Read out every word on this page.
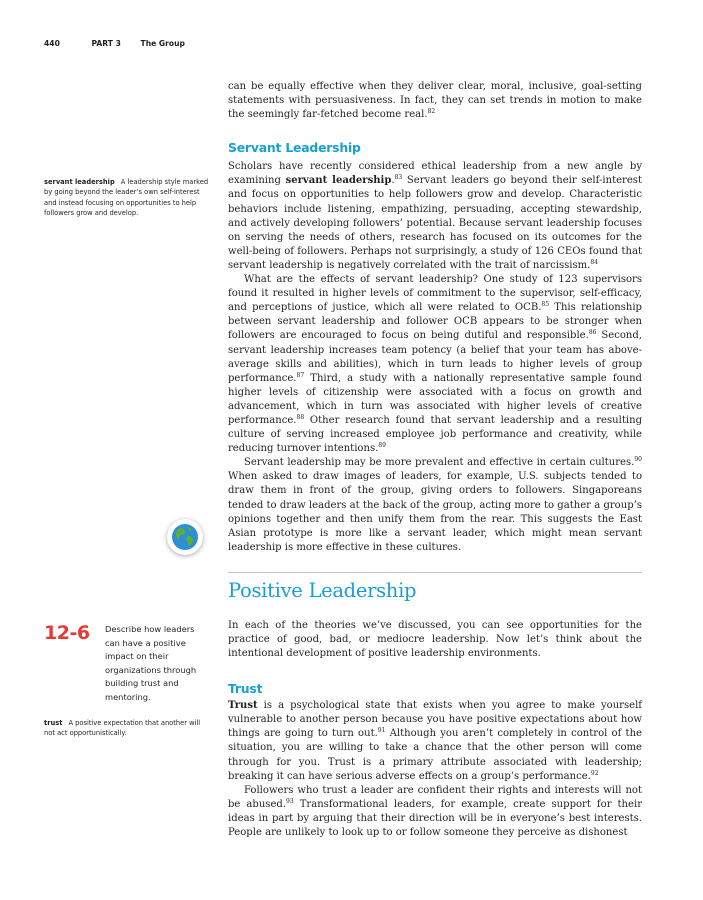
440	PART 3	The Group
servant leadership A leadership style marked by going beyond the leader’s own self-interest and instead focusing on opportunities to help followers grow and develop.
12-6 Describe how leaders can have a positive impact on their organizations through building trust and mentoring.
trust A positive expectation that another will not act opportunistically.

can be equally effective when they deliver clear, moral, inclusive, goal-setting statements with persuasiveness. In fact, they can set trends in motion to make the seemingly far-fetched become real.$^{82}$

Servant Leadership

Scholars have recently considered ethical leadership from a new angle by examining servant leadership.$^{83}$ Servant leaders go beyond their self-interest and focus on opportunities to help followers grow and develop. Characteristic behaviors include listening, empathizing, persuading, accepting stewardship, and actively developing followers’ potential. Because servant leadership focuses on serving the needs of others, research has focused on its outcomes for the well-being of followers. Perhaps not surprisingly, a study of 126 CEOs found that servant leadership is negatively correlated with the trait of narcissism.$^{84}$

What are the effects of servant leadership? One study of 123 supervisors found it resulted in higher levels of commitment to the supervisor, self-efficacy, and perceptions of justice, which all were related to OCB.$^{85}$ This relationship between servant leadership and follower OCB appears to be stronger when followers are encouraged to focus on being dutiful and responsible.$^{86}$ Second, servant leadership increases team potency (a belief that your team has above-average skills and abilities), which in turn leads to higher levels of group performance.$^{87}$ Third, a study with a nationally representative sample found higher levels of citizenship were associated with a focus on growth and advancement, which in turn was associated with higher levels of creative performance.$^{88}$ Other research found that servant leadership and a resulting culture of serving increased employee job performance and creativity, while reducing turnover intentions.$^{89}$

Servant leadership may be more prevalent and effective in certain cultures.$^{90}$ When asked to draw images of leaders, for example, U.S. subjects tended to draw them in front of the group, giving orders to followers. Singaporeans tended to draw leaders at the back of the group, acting more to gather a group’s opinions together and then unify them from the rear. This suggests the East Asian prototype is more like a servant leader, which might mean servant leadership is more effective in these cultures.

Positive Leadership

In each of the theories we’ve discussed, you can see opportunities for the practice of good, bad, or mediocre leadership. Now let’s think about the intentional development of positive leadership environments.

Trust

Trust is a psychological state that exists when you agree to make yourself vulnerable to another person because you have positive expectations about how things are going to turn out.$^{91}$ Although you aren’t completely in control of the situation, you are willing to take a chance that the other person will come through for you. Trust is a primary attribute associated with leadership; breaking it can have serious adverse effects on a group’s performance.$^{92}$

Followers who trust a leader are confident their rights and interests will not be abused.$^{93}$ Transformational leaders, for example, create support for their ideas in part by arguing that their direction will be in everyone’s best interests. People are unlikely to look up to or follow someone they perceive as dishonest
